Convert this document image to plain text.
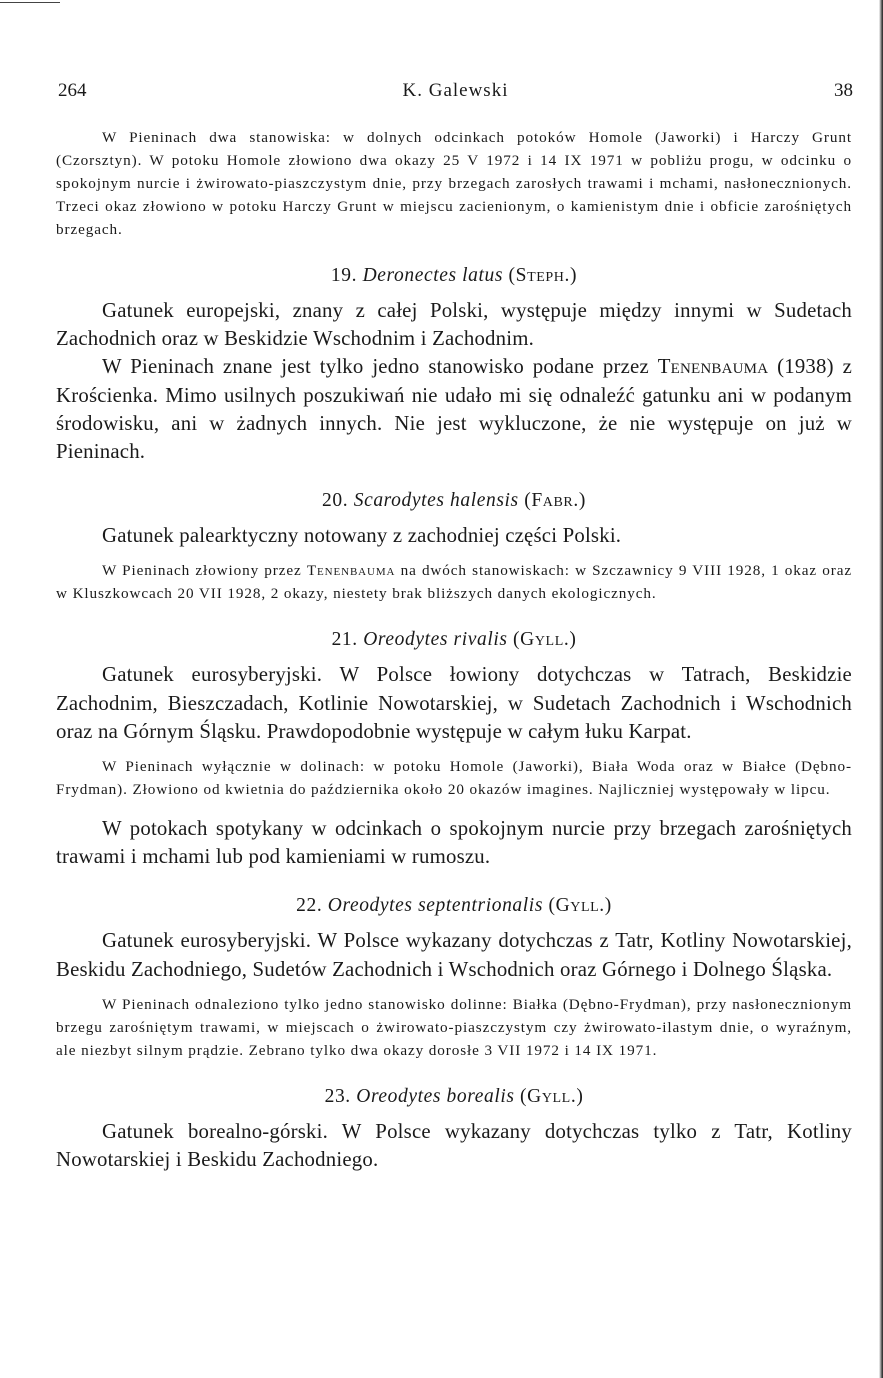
264	K. Galewski	38

W Pieninach dwa stanowiska: w dolnych odcinkach potoków Homole (Jaworki) i Harczy Grunt (Czorsztyn). W potoku Homole złowiono dwa okazy 25 V 1972 i 14 IX 1971 w pobliżu progu, w odcinku o spokojnym nurcie i żwirowato-piaszczystym dnie, przy brzegach zarosłych trawami i mchami, nasłonecznionych. Trzeci okaz złowiono w potoku Harczy Grunt w miejscu zacienionym, o kamienistym dnie i obficie zarośniętych brzegach.

19. Deronectes latus (Steph.)

Gatunek europejski, znany z całej Polski, występuje między innymi w Sudetach Zachodnich oraz w Beskidzie Wschodnim i Zachodnim.

W Pieninach znane jest tylko jedno stanowisko podane przez Tenenbauma (1938) z Krościenka. Mimo usilnych poszukiwań nie udało mi się odnaleźć gatunku ani w podanym środowisku, ani w żadnych innych. Nie jest wykluczone, że nie występuje on już w Pieninach.

20. Scarodytes halensis (Fabr.)

Gatunek palearktyczny notowany z zachodniej części Polski.

W Pieninach złowiony przez Tenenbauma na dwóch stanowiskach: w Szczawnicy 9 VIII 1928, 1 okaz oraz w Kluszkowcach 20 VII 1928, 2 okazy, niestety brak bliższych danych ekologicznych.

21. Oreodytes rivalis (Gyll.)

Gatunek eurosyberyjski. W Polsce łowiony dotychczas w Tatrach, Beskidzie Zachodnim, Bieszczadach, Kotlinie Nowotarskiej, w Sudetach Zachodnich i Wschodnich oraz na Górnym Śląsku. Prawdopodobnie występuje w całym łuku Karpat.

W Pieninach wyłącznie w dolinach: w potoku Homole (Jaworki), Biała Woda oraz w Białce (Dębno-Frydman). Złowiono od kwietnia do października około 20 okazów imagines. Najliczniej występowały w lipcu.

W potokach spotykany w odcinkach o spokojnym nurcie przy brzegach zarośniętych trawami i mchami lub pod kamieniami w rumoszu.

22. Oreodytes septentrionalis (Gyll.)

Gatunek eurosyberyjski. W Polsce wykazany dotychczas z Tatr, Kotliny Nowotarskiej, Beskidu Zachodniego, Sudetów Zachodnich i Wschodnich oraz Górnego i Dolnego Śląska.

W Pieninach odnaleziono tylko jedno stanowisko dolinne: Białka (Dębno-Frydman), przy nasłonecznionym brzegu zarośniętym trawami, w miejscach o żwirowato-piaszczystym czy żwirowato-ilastym dnie, o wyraźnym, ale niezbyt silnym prądzie. Zebrano tylko dwa okazy dorosłe 3 VII 1972 i 14 IX 1971.

23. Oreodytes borealis (Gyll.)

Gatunek borealno-górski. W Polsce wykazany dotychczas tylko z Tatr, Kotliny Nowotarskiej i Beskidu Zachodniego.
